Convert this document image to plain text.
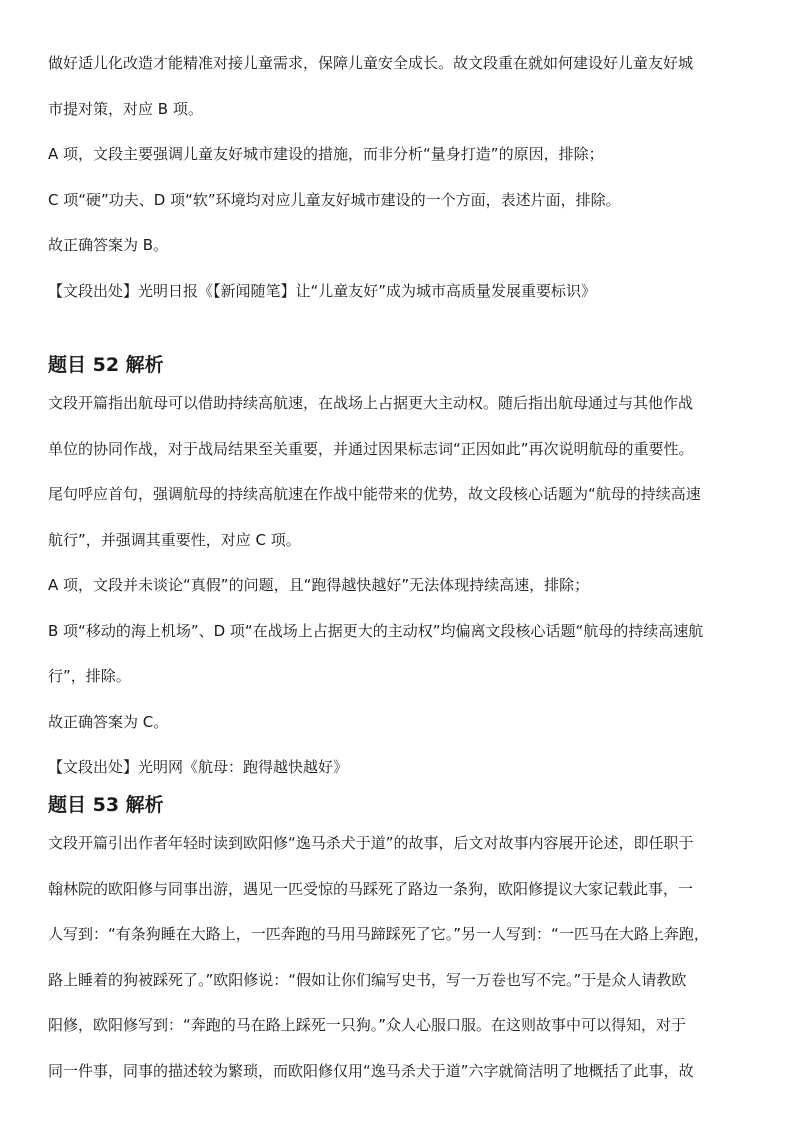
做好适儿化改造才能精准对接儿童需求，保障儿童安全成长。故文段重在就如何建设好儿童友好城
市提对策，对应 B 项。
A 项，文段主要强调儿童友好城市建设的措施，而非分析“量身打造”的原因，排除；
C 项“硬”功夫、D 项“软”环境均对应儿童友好城市建设的一个方面，表述片面，排除。
故正确答案为 B。
【文段出处】光明日报《【新闻随笔】让“儿童友好”成为城市高质量发展重要标识》
题目 52 解析
文段开篇指出航母可以借助持续高航速，在战场上占据更大主动权。随后指出航母通过与其他作战
单位的协同作战，对于战局结果至关重要，并通过因果标志词“正因如此”再次说明航母的重要性。
尾句呼应首句，强调航母的持续高航速在作战中能带来的优势，故文段核心话题为“航母的持续高速
航行”，并强调其重要性，对应 C 项。
A 项，文段并未谈论“真假”的问题，且“跑得越快越好”无法体现持续高速，排除；
B 项“移动的海上机场”、D 项“在战场上占据更大的主动权”均偏离文段核心话题“航母的持续高速航
行”，排除。
故正确答案为 C。
【文段出处】光明网《航母：跑得越快越好》
题目 53 解析
文段开篇引出作者年轻时读到欧阳修“逸马杀犬于道”的故事，后文对故事内容展开论述，即任职于
翰林院的欧阳修与同事出游，遇见一匹受惊的马踩死了路边一条狗，欧阳修提议大家记载此事，一
人写到：“有条狗睡在大路上，一匹奔跑的马用马蹄踩死了它。”另一人写到：“一匹马在大路上奔跑，
路上睡着的狗被踩死了。”欧阳修说：“假如让你们编写史书，写一万卷也写不完。”于是众人请教欧
阳修，欧阳修写到：“奔跑的马在路上踩死一只狗。”众人心服口服。在这则故事中可以得知，对于
同一件事，同事的描述较为繁琐，而欧阳修仅用“逸马杀犬于道”六字就简洁明了地概括了此事，故
